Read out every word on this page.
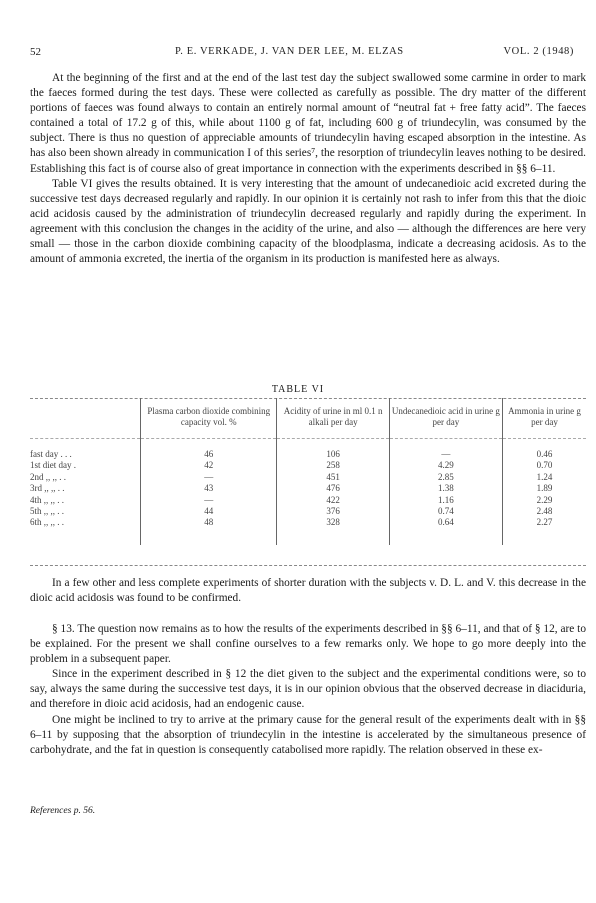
52	P. E. VERKADE, J. VAN DER LEE, M. ELZAS	VOL. 2 (1948)

At the beginning of the first and at the end of the last test day the subject swallowed some carmine in order to mark the faeces formed during the test days. These were collected as carefully as possible. The dry matter of the different portions of faeces was found always to contain an entirely normal amount of “neutral fat + free fatty acid”. The faeces contained a total of 17.2 g of this, while about 1100 g of fat, including 600 g of triundecylin, was consumed by the subject. There is thus no question of appreciable amounts of triundecylin having escaped absorption in the intestine. As has also been shown already in communication I of this series⁷, the resorption of triundecylin leaves nothing to be desired. Establishing this fact is of course also of great importance in connection with the experiments described in §§ 6–11.

Table VI gives the results obtained. It is very interesting that the amount of undecanedioic acid excreted during the successive test days decreased regularly and rapidly. In our opinion it is certainly not rash to infer from this that the dioic acid acidosis caused by the administration of triundecylin decreased regularly and rapidly during the experiment. In agreement with this conclusion the changes in the acidity of the urine, and also — although the differences are here very small — those in the carbon dioxide combining capacity of the bloodplasma, indicate a decreasing acidosis. As to the amount of ammonia excreted, the inertia of the organism in its production is manifested here as always.

TABLE VI
	Plasma carbon dioxide combining capacity vol. %	Acidity of urine in ml 0.1 n alkali per day	Undecanedioic acid in urine g per day	Ammonia in urine g per day
fast day . . .	46	106	—	0.46
1st diet day .	42	258	4.29	0.70
2nd ,, ,, . .	—	451	2.85	1.24
3rd ,, ,, . .	43	476	1.38	1.89
4th ,, ,, . .	—	422	1.16	2.29
5th ,, ,, . .	44	376	0.74	2.48
6th ,, ,, . .	48	328	0.64	2.27

In a few other and less complete experiments of shorter duration with the subjects v. D. L. and V. this decrease in the dioic acid acidosis was found to be confirmed.

§ 13. The question now remains as to how the results of the experiments described in §§ 6–11, and that of § 12, are to be explained. For the present we shall confine ourselves to a few remarks only. We hope to go more deeply into the problem in a subsequent paper.

Since in the experiment described in § 12 the diet given to the subject and the experimental conditions were, so to say, always the same during the successive test days, it is in our opinion obvious that the observed decrease in diaciduria, and therefore in dioic acid acidosis, had an endogenic cause.

One might be inclined to try to arrive at the primary cause for the general result of the experiments dealt with in §§ 6–11 by supposing that the absorption of triundecylin in the intestine is accelerated by the simultaneous presence of carbohydrate, and the fat in question is consequently catabolised more rapidly. The relation observed in these ex-

References p. 56.
